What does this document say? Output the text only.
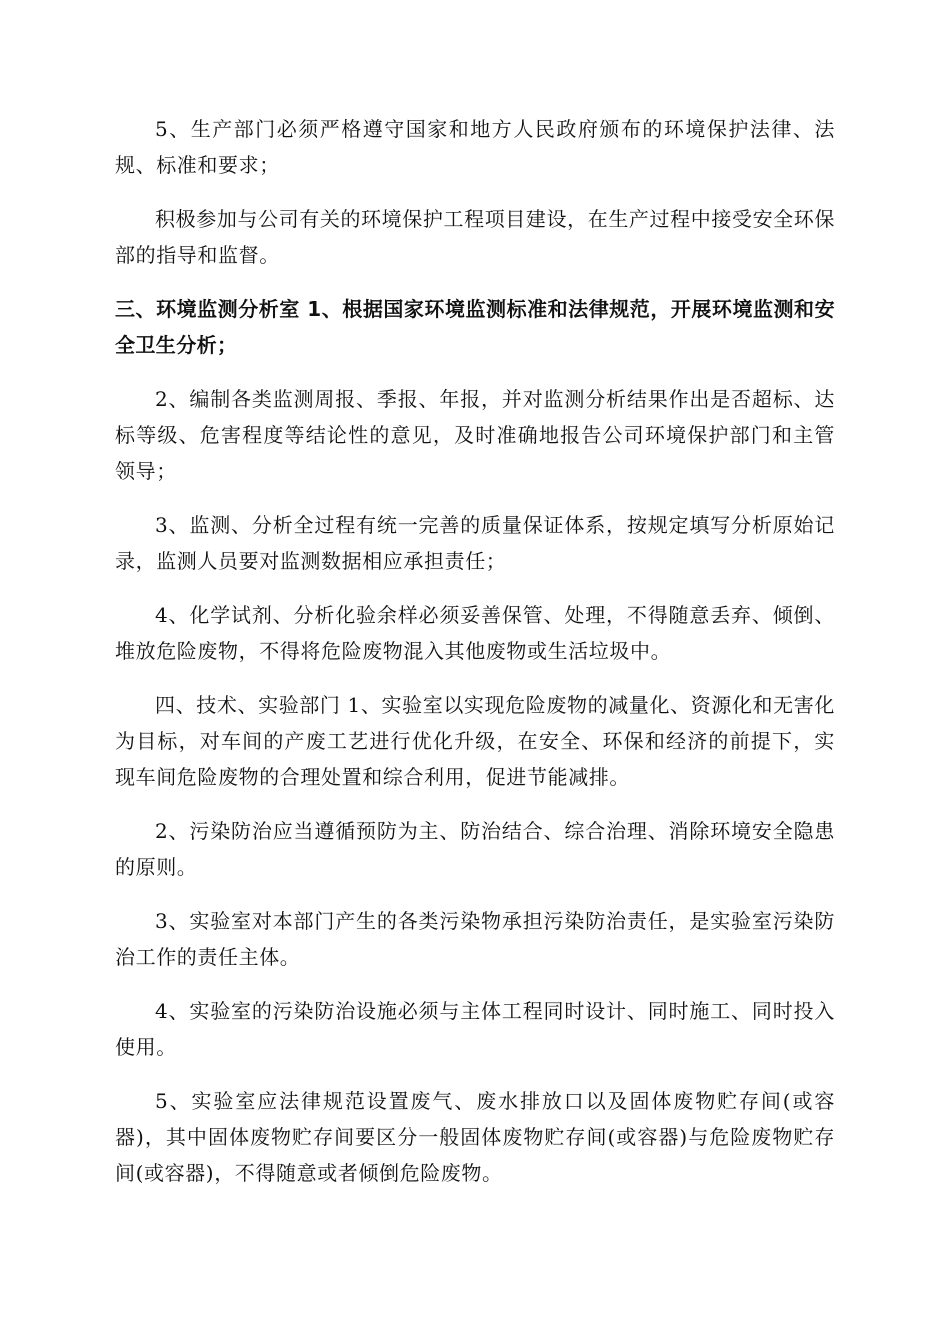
5、生产部门必须严格遵守国家和地方人民政府颁布的环境保护法律、法规、标准和要求；

积极参加与公司有关的环境保护工程项目建设，在生产过程中接受安全环保部的指导和监督。

三、环境监测分析室 1、根据国家环境监测标准和法律规范，开展环境监测和安全卫生分析；

2、编制各类监测周报、季报、年报，并对监测分析结果作出是否超标、达标等级、危害程度等结论性的意见，及时准确地报告公司环境保护部门和主管领导；

3、监测、分析全过程有统一完善的质量保证体系，按规定填写分析原始记录，监测人员要对监测数据相应承担责任；

4、化学试剂、分析化验余样必须妥善保管、处理，不得随意丢弃、倾倒、堆放危险废物，不得将危险废物混入其他废物或生活垃圾中。

四、技术、实验部门 1、实验室以实现危险废物的减量化、资源化和无害化为目标，对车间的产废工艺进行优化升级，在安全、环保和经济的前提下，实现车间危险废物的合理处置和综合利用，促进节能减排。

2、污染防治应当遵循预防为主、防治结合、综合治理、消除环境安全隐患的原则。

3、实验室对本部门产生的各类污染物承担污染防治责任，是实验室污染防治工作的责任主体。

4、实验室的污染防治设施必须与主体工程同时设计、同时施工、同时投入使用。

5、实验室应法律规范设置废气、废水排放口以及固体废物贮存间(或容器)，其中固体废物贮存间要区分一般固体废物贮存间(或容器)与危险废物贮存间(或容器)，不得随意或者倾倒危险废物。
